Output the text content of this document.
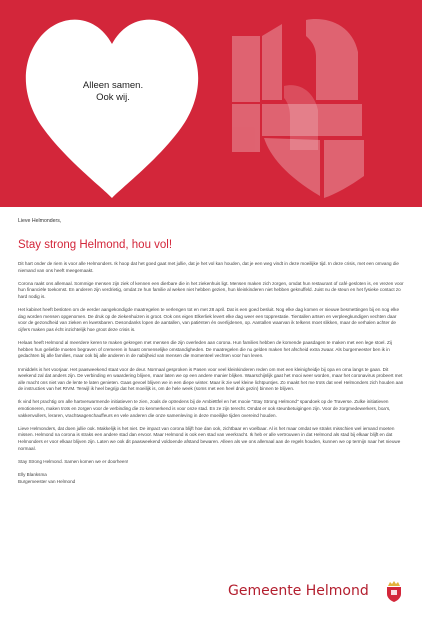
Alleen samen.
Ook wij.

Lieve Helmonders,

Stay strong Helmond, hou vol!

Dit hart onder de riem is voor alle Helmonders. Ik hoop dat het goed gaat met jullie, dat je het vol kan houden, dat je een weg vindt in deze moeilijke tijd. In deze crisis, met een omvang die niemand van ons heeft meegemaakt.

Corona raakt ons allemaal. Sommige mensen zijn ziek of kennen een dierbare die in het ziekenhuis ligt. Mensen maken zich zorgen, omdat hun restaurant of café gesloten is, en vrezen voor hun financiële toekomst. En anderen zijn verdrietig, omdat ze hun familie al weken niet hebben gezien, hun kleinkinderen niet hebben geknuffeld. Juist nu de steun en het fysieke contact zo hard nodig is.

Het kabinet heeft besloten om de eerder aangekondigde maatregelen te verlengen tot en met 28 april. Dat is een goed besluit. Nog elke dag komen er nieuwe besmettingen bij en nog elke dag worden mensen opgenomen. De druk op de ziekenhuizen is groot. Ook ons eigen Elkerliek levert elke dag weer een topprestatie. Tientallen artsen en verpleegkundigen vechten daar voor de gezondheid van zieken en kwetsbaren. Desondanks lopen de aantallen, van patiënten én overlijdenen, op. Aantallen waarvan ik telkens moet slikken, maar de verhalen achter de cijfers maken pas écht inzichtelijk hoe groot deze crisis is.

Helaas heeft Helmond al meerdere keren te maken gekregen met mensen die zijn overleden aan corona. Hun families hebben de komende paasdagen te maken met een lege stoel. Zij hebben hun geliefde moeten begraven of cremeren in haast onmenselijke omstandigheden. De maatregelen die nu gelden maken het afscheid extra zwaar. Als burgemeester ben ik in gedachten bij alle families, maar ook bij alle anderen in de nabijheid van mensen die momenteel vechten voor hun leven.

Inmiddels is het voorjaar. Het paasweekend staat voor de deur. Normaal gesproken is Pasen voor veel kleinkinderen reden om met een kleinigheidje bij opa en oma langs te gaan. Dit weekend zal dat anders zijn. De verbinding en waardering blijven, maar laten we op een andere manier blijken. Waarschijnlijk gaat het mooi weer worden, maar het coronavirus probeert met alle macht ons niet van de lente te laten genieten. Gaas gevoel blijven we in een diepe winter. Maar ik zie wel kleine lichtpuntjes. Zo maakt het me trots dat veel Helmonders zich houden aan de instructies van het RIVM. Terwijl ik heel begrijp dat het moeilijk is, om de hele week (soms met een heel druk gezin) binnen te blijven.

Ik vind het prachtig om alle hartverwarmende initiatieven te zien, zoals de optredens bij de Ambiëttfel en het mooie "Stay Strong Helmond" spandoek op de Traverse. Zulke initiatieven emotioneren, maken trots en zorgen voor de verbinding die zo kenmerkend is voor onze stad. En ze zijn terecht. Omdat er ook steunbetuigingen zijn. Voor de zorgmedewerkers, boa's, vakkenvullers, leraren, vrachtwagenchauffeurs en vele anderen die onze samenleving in deze moeilijke tijden overeind houden.

Lieve Helmonders, dat doen jullie ook. Makkelijk is het niet. De impact van corona blijft hoe dan ook, zichtbaar en voelbaar. Al is het maar omdat we straks misschien wel iemand moeten missen. Helmond na corona is straks een andere stad dan ervoor. Maar Helmond is ook een stad van veerkracht. Ik heb er alle vertrouwen in dat Helmond als stad bij elkaar blijft en dat Helmonders er voor elkaar blijven zijn. Laten we ook dit paasweekend voldoende afstand bewaren. Alleen als we ons allemaal aan de regels houden, kunnen we op termijn naar het nieuwe normaal.

Stay Strong Helmond. Samen komen we er doorheen!

Elly Blanksma

Burgemeester van Helmond

Gemeente Helmond
